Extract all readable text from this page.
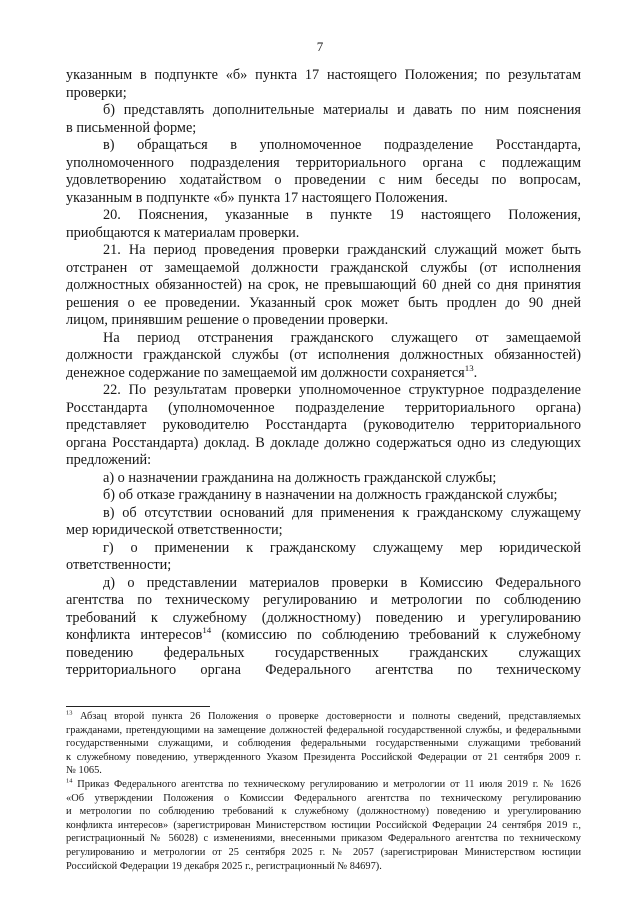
7
указанным в подпункте «б» пункта 17 настоящего Положения; по результатам
проверки;
б) представлять дополнительные материалы и давать по ним пояснения
в письменной форме;
в) обращаться в уполномоченное подразделение Росстандарта,
уполномоченного подразделения территориального органа с подлежащим
удовлетворению ходатайством о проведении с ним беседы по вопросам,
указанным в подпункте «б» пункта 17 настоящего Положения.
20. Пояснения, указанные в пункте 19 настоящего Положения,
приобщаются к материалам проверки.
21. На период проведения проверки гражданский служащий может быть
отстранен от замещаемой должности гражданской службы (от исполнения
должностных обязанностей) на срок, не превышающий 60 дней со дня принятия
решения о ее проведении. Указанный срок может быть продлен до 90 дней
лицом, принявшим решение о проведении проверки.
На период отстранения гражданского служащего от замещаемой
должности гражданской службы (от исполнения должностных обязанностей)
денежное содержание по замещаемой им должности сохраняется$^{13}$.
22. По результатам проверки уполномоченное структурное подразделение
Росстандарта (уполномоченное подразделение территориального органа)
представляет руководителю Росстандарта (руководителю территориального
органа Росстандарта) доклад. В докладе должно содержаться одно из следующих
предложений:
а) о назначении гражданина на должность гражданской службы;
б) об отказе гражданину в назначении на должность гражданской службы;
в) об отсутствии оснований для применения к гражданскому служащему
мер юридической ответственности;
г) о применении к гражданскому служащему мер юридической
ответственности;
д) о представлении материалов проверки в Комиссию Федерального
агентства по техническому регулированию и метрологии по соблюдению
требований к служебному (должностному) поведению и урегулированию
конфликта интересов$^{14}$ (комиссию по соблюдению требований к служебному
поведению федеральных государственных гражданских служащих
территориального органа Федерального агентства по техническому
$^{13}$ Абзац второй пункта 26 Положения о проверке достоверности и полноты сведений, представляемых
гражданами, претендующими на замещение должностей федеральной государственной службы, и федеральными
государственными служащими, и соблюдения федеральными государственными служащими требований
к служебному поведению, утвержденного Указом Президента Российской Федерации от 21 сентября 2009 г.
№ 1065.
$^{14}$ Приказ Федерального агентства по техническому регулированию и метрологии от 11 июля 2019 г. № 1626
«Об утверждении Положения о Комиссии Федерального агентства по техническому регулированию
и метрологии по соблюдению требований к служебному (должностному) поведению и урегулированию
конфликта интересов» (зарегистрирован Министерством юстиции Российской Федерации 24 сентября 2019 г.,
регистрационный № 56028) с изменениями, внесенными приказом Федерального агентства по техническому
регулированию и метрологии от 25 сентября 2025 г. № 2057 (зарегистрирован Министерством юстиции
Российской Федерации 19 декабря 2025 г., регистрационный № 84697).
